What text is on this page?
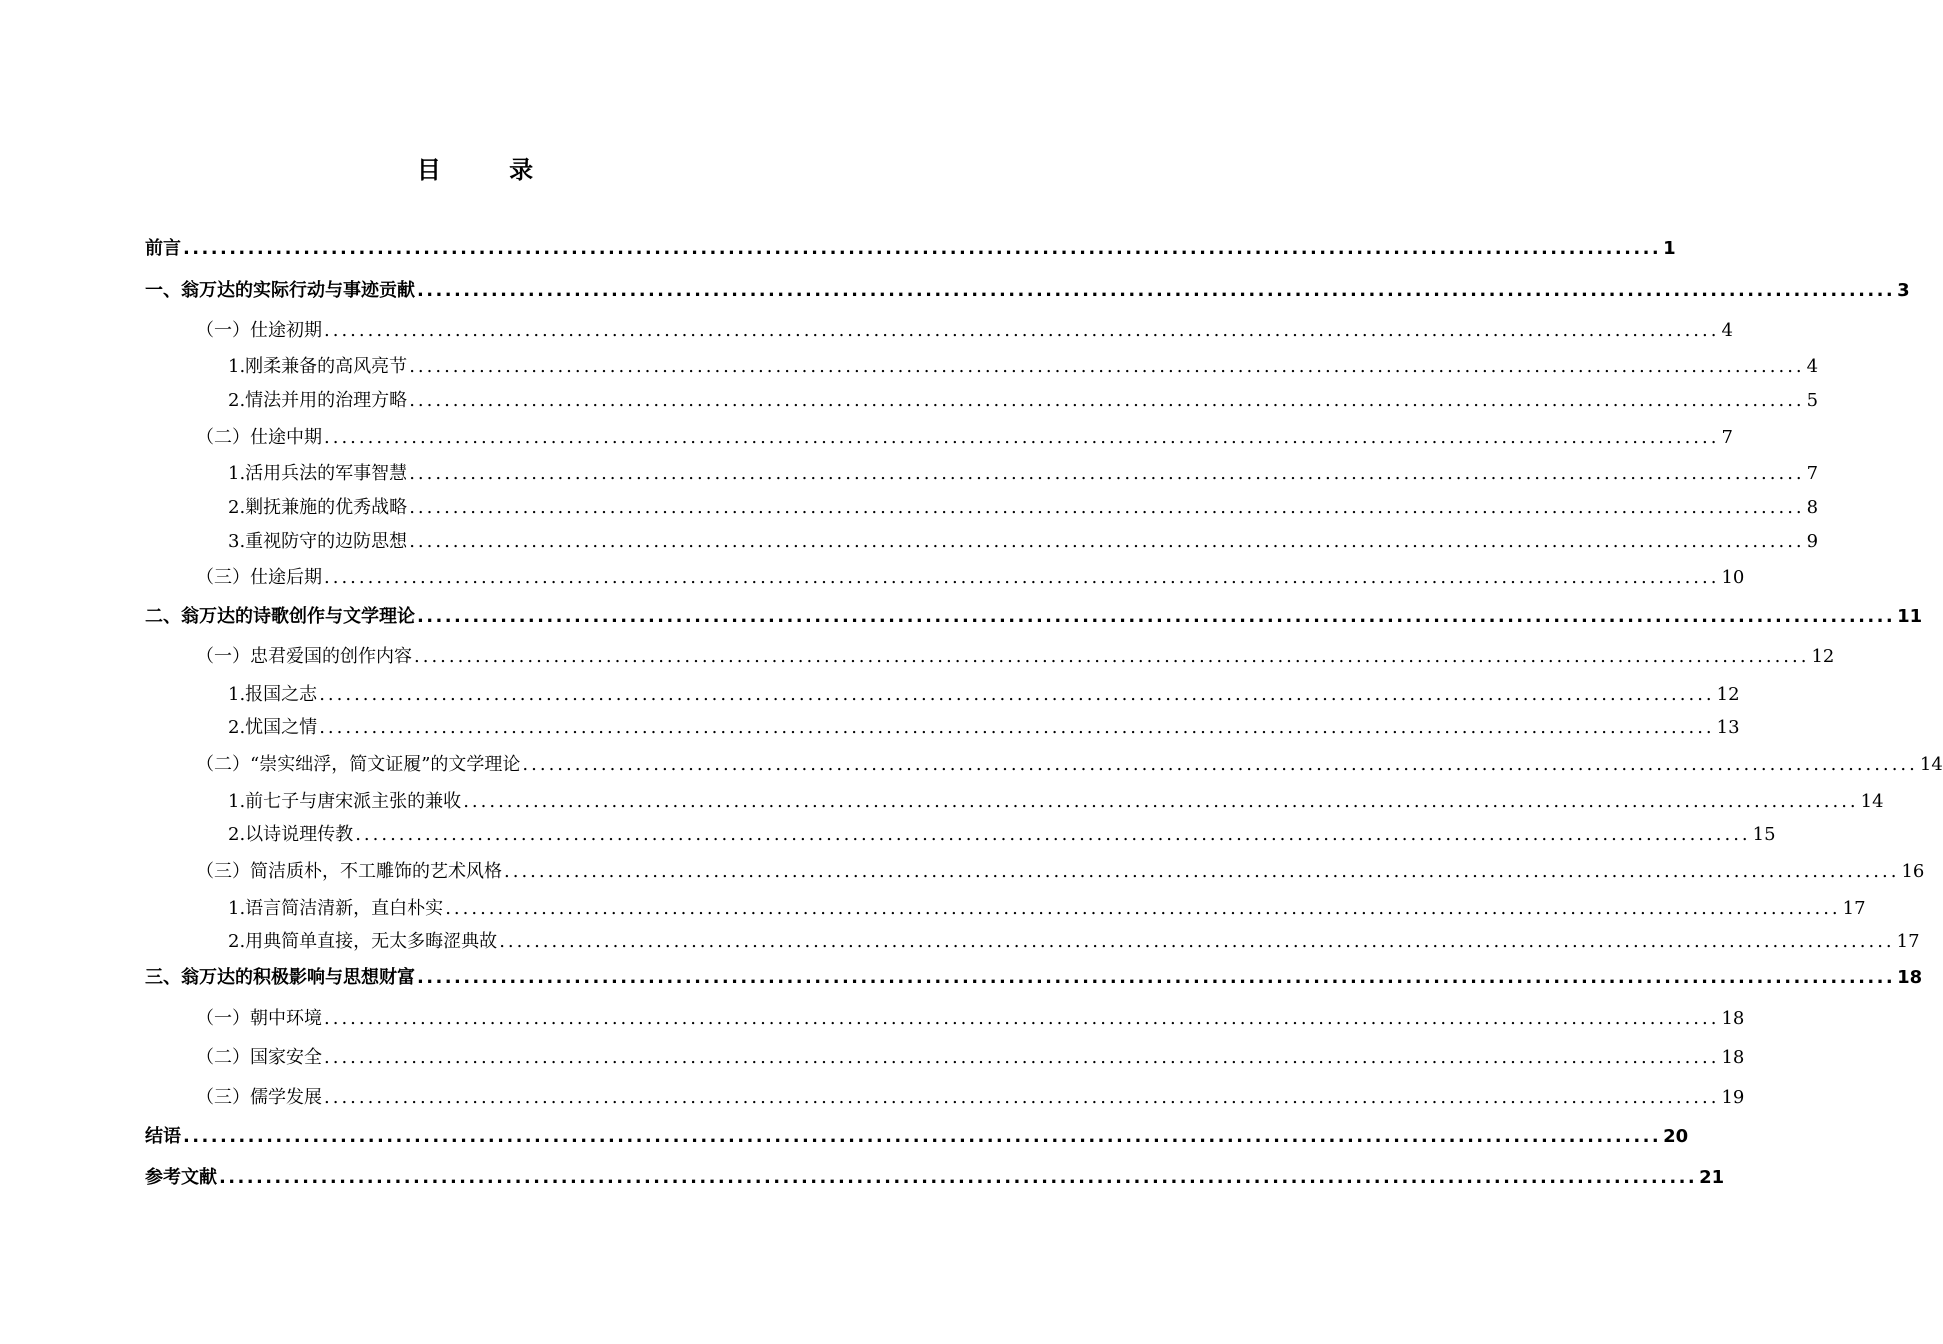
目 录
前言 ................................................................................................................................................................ 1
一、翁万达的实际行动与事迹贡献 ................................................................................................................................................................ 3
（一）仕途初期 ................................................................................................................................................................ 4
1.刚柔兼备的高风亮节 ................................................................................................................................................................ 4
2.情法并用的治理方略 ................................................................................................................................................................ 5
（二）仕途中期 ................................................................................................................................................................ 7
1.活用兵法的军事智慧 ................................................................................................................................................................ 7
2.剿抚兼施的优秀战略 ................................................................................................................................................................ 8
3.重视防守的边防思想 ................................................................................................................................................................ 9
（三）仕途后期 ................................................................................................................................................................ 10
二、翁万达的诗歌创作与文学理论 ................................................................................................................................................................ 11
（一）忠君爱国的创作内容 ................................................................................................................................................................ 12
1.报国之志 ................................................................................................................................................................ 12
2.忧国之情 ................................................................................................................................................................ 13
（二）“崇实绌浮，简文证履”的文学理论 ................................................................................................................................................................ 14
1.前七子与唐宋派主张的兼收 ................................................................................................................................................................ 14
2.以诗说理传教 ................................................................................................................................................................ 15
（三）简洁质朴，不工雕饰的艺术风格 ................................................................................................................................................................ 16
1.语言简洁清新，直白朴实 ................................................................................................................................................................ 17
2.用典简单直接，无太多晦涩典故 ................................................................................................................................................................ 17
三、翁万达的积极影响与思想财富 ................................................................................................................................................................ 18
（一）朝中环境 ................................................................................................................................................................ 18
（二）国家安全 ................................................................................................................................................................ 18
（三）儒学发展 ................................................................................................................................................................ 19
结语 ................................................................................................................................................................ 20
参考文献 ................................................................................................................................................................ 21
